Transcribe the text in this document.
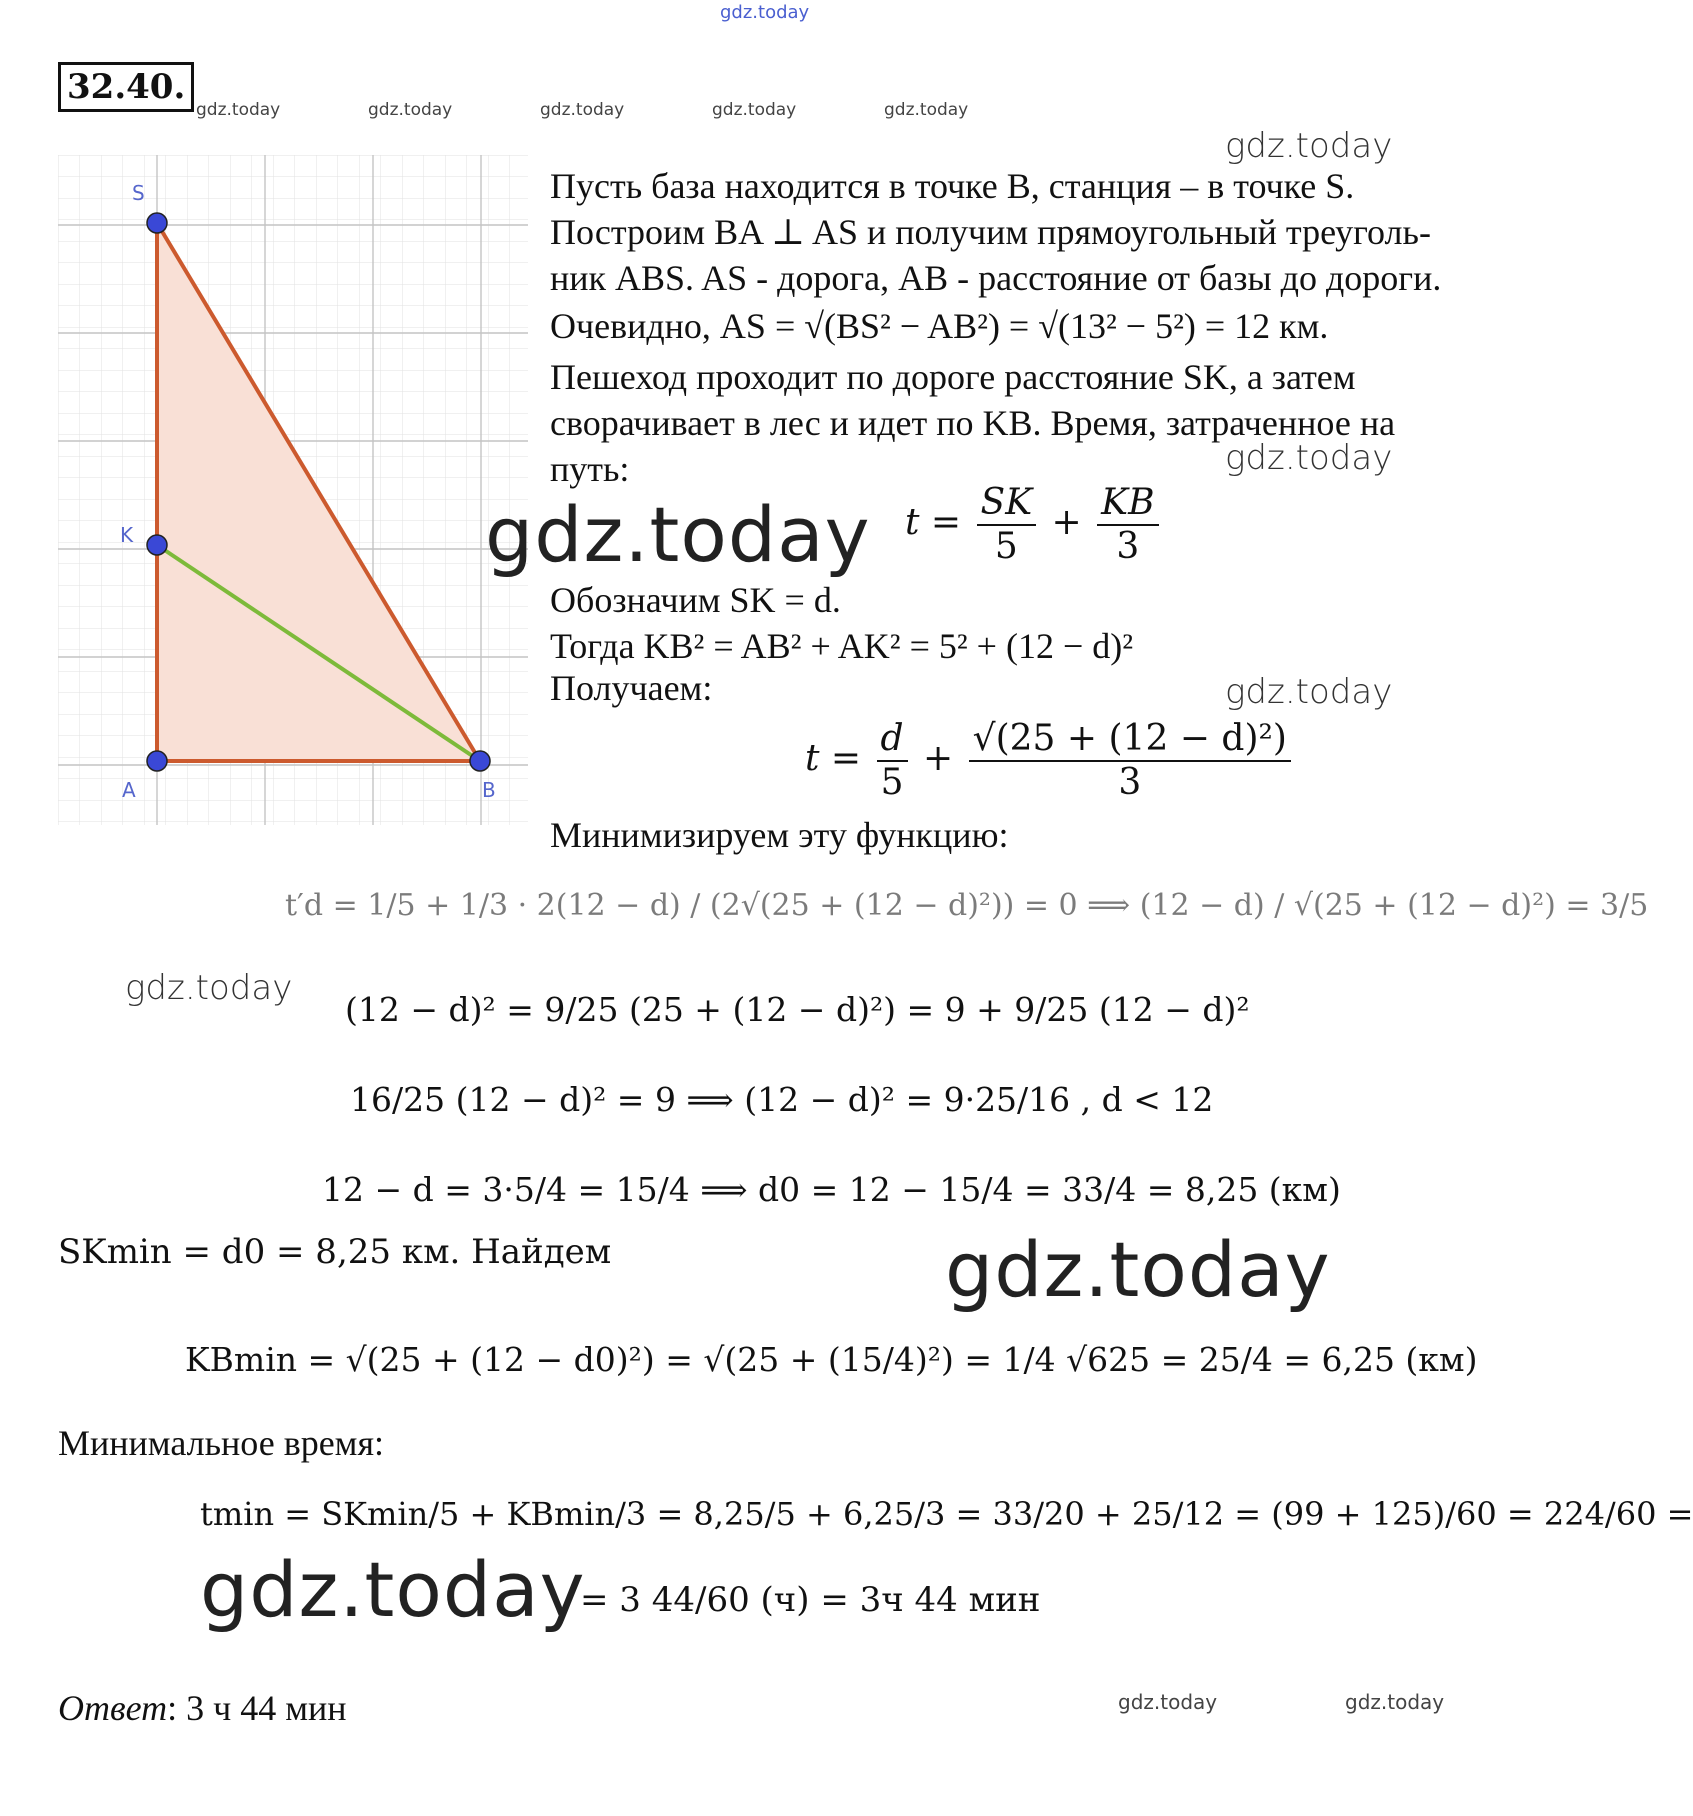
gdz.today
32.40.
gdz.today	gdz.today	gdz.today	gdz.today	gdz.today
S
K
A	B
gdz.today
Пусть база находится в точке В, станция – в точке S.
Построим BA ⊥ AS и получим прямоугольный треуголь-
ник ABS. AS - дорога, AB - расстояние от базы до дороги.
Очевидно, AS = √(BS² − AB²) = √(13² − 5²) = 12 км.
Пешеход проходит по дороге расстояние SK, а затем
сворачивает в лес и идет по KB. Время, затраченное на
путь:	gdz.today
gdz.today $t = \frac{SK}{5} + \frac{KB}{3}$
Обозначим SK = d.
Тогда KB² = AB² + AK² = 5² + (12 − d)²
Получаем:	gdz.today
$t = \frac{d}{5} + \frac{\text{√(25 + (12 − d)²)}}{3}$
Минимизируем эту функцию:
t′d = 1/5 + 1/3 · 2(12 − d) / (2√(25 + (12 − d)²)) = 0 ⟹ (12 − d) / √(25 + (12 − d)²) = 3/5
gdz.today
(12 − d)² = 9/25 (25 + (12 − d)²) = 9 + 9/25 (12 − d)²
16/25 (12 − d)² = 9 ⟹ (12 − d)² = 9·25/16 , d < 12
12 − d = 3·5/4 = 15/4 ⟹ d0 = 12 − 15/4 = 33/4 = 8,25 (км)
SKmin = d0 = 8,25 км. Найдем	gdz.today
KBmin = √(25 + (12 − d0)²) = √(25 + (15/4)²) = 1/4 √625 = 25/4 = 6,25 (км)
Минимальное время:
tmin = SKmin/5 + KBmin/3 = 8,25/5 + 6,25/3 = 33/20 + 25/12 = (99 + 125)/60 = 224/60 =
gdz.today
= 3 44/60 (ч) = 3ч 44 мин
Ответ: 3 ч 44 мин	gdz.today	gdz.today
